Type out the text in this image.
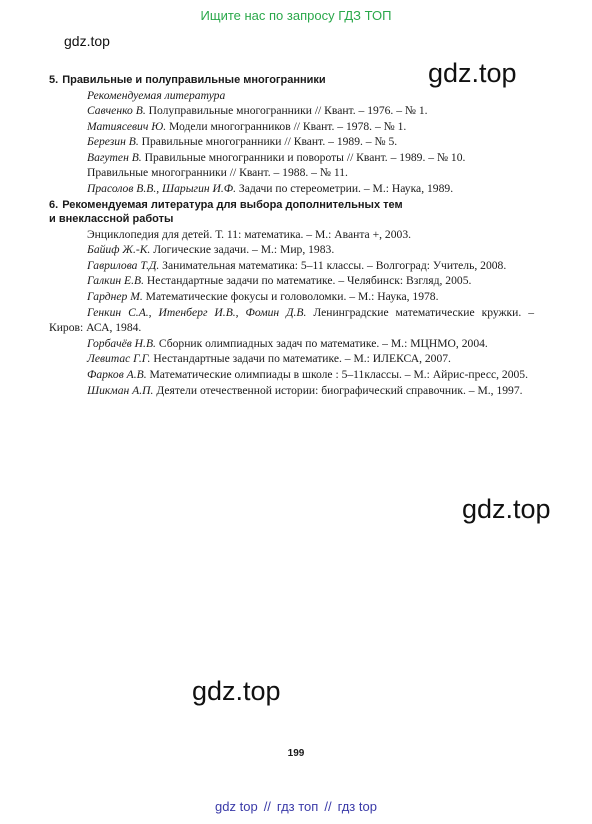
Ищите нас по запросу ГДЗ ТОП
gdz.top
gdz.top
gdz.top
gdz.top
5. Правильные и полуправильные многогранники
Рекомендуемая литература
Савченко В. Полуправильные многогранники // Квант. – 1976. – № 1.
Матиясевич Ю. Модели многогранников // Квант. – 1978. – № 1.
Березин В. Правильные многогранники // Квант. – 1989. – № 5.
Вагутен В. Правильные многогранники и повороты // Квант. – 1989. – № 10.
Правильные многогранники // Квант. – 1988. – № 11.
Прасолов В.В., Шарыгин И.Ф. Задачи по стереометрии. – М.: Наука, 1989.
6. Рекомендуемая литература для выбора дополнительных тем
и внеклассной работы
Энциклопедия для детей. Т. 11: математика. – М.: Аванта +, 2003.
Байиф Ж.-К. Логические задачи. – М.: Мир, 1983.
Гаврилова Т.Д. Занимательная математика: 5–11 классы. – Волгоград: Учитель, 2008.
Галкин Е.В. Нестандартные задачи по математике. – Челябинск: Взгляд, 2005.
Гарднер М. Математические фокусы и головоломки. – М.: Наука, 1978.
Генкин С.А., Итенберг И.В., Фомин Д.В. Ленинградские математические кружки. – Киров: АСА, 1984.
Горбачёв Н.В. Сборник олимпиадных задач по математике. – М.: МЦНМО, 2004.
Левитас Г.Г. Нестандартные задачи по математике. – М.: ИЛЕКСА, 2007.
Фарков А.В. Математические олимпиады в школе : 5–11классы. – М.: Айрис-пресс, 2005.
Шикман А.П. Деятели отечественной истории: биографический справочник. – М., 1997.
199
gdz top // гдз топ // гдз top
